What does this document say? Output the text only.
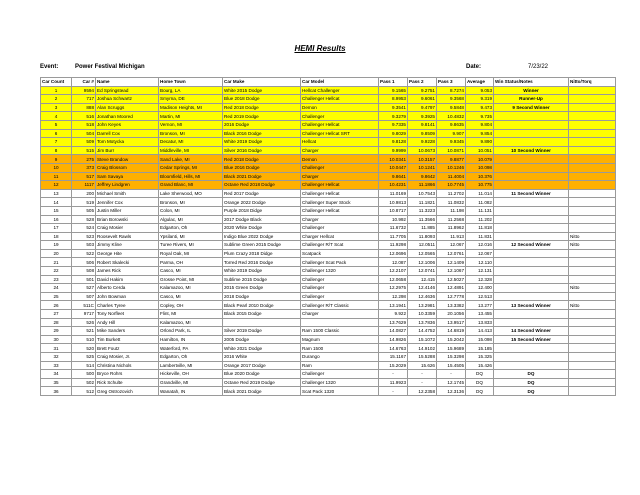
HEMI Results
Event:	Power Festival Michigan	Date:	7/23/22
Car Count	Car #	Name	Home Town	Car Make	Car Model	Pass 1	Pass 2	Pass 3	Average	Win Status/Notes	Nitto/Torq
1	9594	Ed Springstead	Bourg, LA	White 2015 Dodge	Hellcat Challenger	9.1565	9.2751	8.7274	9.053	Winner	
2	717	Joshua Schwartz	Smyrna, DE	Blue 2018 Dodge	Challenger Hellcat	8.9953	9.6061	9.3568	9.319	Runner-Up	
3	888	Alan Scruggs	Madison Heights, MI	Red 2018 Dodge	Demon	9.3541	9.4797	9.5848	9.473	9 Second Winner	
4	516	Jonathan Moored	Martin, MI	Red 2019 Dodge	Challenger	9.3279	9.3925	10.4832	9.735		
5	518	John Keyes	Vernon, MI	2016 Dodge	Challenger Hellcat	9.7335	9.8141	9.8635	9.804		
6	504	Darrell Cox	Bronson, MI	Black 2016 Dodge	Challenger Hellcat SRT	9.8029	9.8509	9.907	9.854		
7	509	Tom Motycka	Decatur, MI	White 2019 Dodge	Hellcat	9.8128	9.9228	9.9345	9.890		
8	515	Jim Burr	Middleville, MI	Silver 2016 Dodge	Charger	9.9999	10.0673	10.0871	10.051	10 Second Winner	
9	275	Steve Brandow	Sand Lake, MI	Red 2018 Dodge	Demon	10.0341	10.3157	9.8877	10.079		
10	373	Craig Blossom	Cedar Springs, MI	Blue 2016 Dodge	Challenger	10.0447	10.1241	10.1246	10.098		
11	517	Sam Savaya	Bloomfield, Hills, MI	Black 2021 Dodge	Charger	9.8641	9.8642	11.4004	10.376		
12	1117	Jeffrey Lindgren	Grand Blanc, MI	Octane Red 2018 Dodge	Challenger Hellcat	10.4231	11.1866	10.7745	10.775		
13	200	Michael Smith	Lake Sherwood, MO	Red 2017 Dodge	Challenger Hellcat	11.0169	10.7543	11.2702	11.014	11 Second Winner	
14	519	Jennifer Cox	Bronson, MI	Orange 2022 Dodge	Challenger Super Stock	10.9813	11.1821	11.0832	11.082		
15	505	Justin Miller	Colon, MI	Purple 2018 Didge	Challenger Hellcat	10.8717	11.3223	11.198	11.131		
16	528	Brian Borowski	Algulac, MI	2017 Dodge Black	Charger	10.992	11.3566	11.2568	11.202		
17	524	Craig Mosier	Edgarton, Oh	2020 White Dodge	Challenger	11.6732	11.885	11.8962	11.818		
18	523	Roosevelt Rawls	Ypsilanti, MI	Indigo Blue 2022 Dodge	Charger Hellcat	11.7705	11.8093	11.913	11.831		Nitto
19	503	Jimmy Kline	Turee Rivers, MI	Sublime Green 2015 Dodge	Challenger R/T Scat	11.9298	12.0511	12.067	12.016	12 Second Winner	Nitto
20	522	George Hite	Royal Oak, MI	Plum Crazy 2018 Didge	Scatpack	12.0696	12.0565	12.0761	12.067		
21	506	Robert Skalecki	Parma, OH	Torred Red 2016 Dodge	Challenger Scat Pack	12.087	12.1006	12.1409	12.110		
22	508	James Rick	Casco, MI	White 2019 Dodge	Challenger 1320	12.2107	12.0741	12.1067	12.131		
23	501	David Hakim	Grosse Point, MI	Sublime 2015 Dodge	Challenger	12.0658	12.415	12.5027	12.328		
24	527	Alberto Cerda	Kalamazoo, MI	2015 Green Dodge	Challenger	12.2975	12.4146	12.4891	12.400		Nitto
25	507	John Bowman	Casco, MI	2018 Dodge	Challenger	12.298	12.4636	12.7778	12.513		
26	511C	Charles Tyree	Copley, OH	Black Pearl 2010 Dodge	Challenger R/T Classic	13.1941	13.2981	13.3382	13.277	13 Second Winner	Nitto
27	9717	Tony Norfleet	Flint, MI	Black 2015 Dodge	Charger	9.922	10.3359	20.1056	13.455		
28	526	Andy Hill	Kalamazoo, MI			13.7629	13.7836	13.9517	13.833		
29	521	Mike Sanders	Orlond Park, IL	Silver 2019 Dodge	Ram 1500 Classic	14.0827	14.4752	14.6819	14.413	14 Second Winner	
30	510	Tim Burkett	Hamilton, IN	2005 Dodge	Magnum	14.9826	15.1072	15.2042	15.098	15 Second Winner	
31	520	Brett Foutz	Waterford, PA	White 2021 Dodge	Ram 1500	14.6763	14.9102	15.9689	15.185		
32	525	Craig Mosier, Jr.	Edgarton, Oh	2016 White	Durango	15.1167	15.5288	15.3298	15.325		
33	514	Christina Nichols	Lambertville, MI	Orange 2017 Dodge	Ram	15.2029	15.626	15.4505	15.426		
34	500	Bryce Rohrs	Hickeville, OH	Blue 2020 Dodge	Challenger	-	-	-	DQ	DQ	
35	502	Rick Schulte	Grandville, MI	Octane Red 2019 Dodge	Challenger 1320	11.9923	-	12.1745	DQ	DQ	
36	512	Greg Ostrozovich	Wanatah, IN	Black 2021 Dodge	Scat Pack 1320	-	12.2358	12.3136	DQ	DQ	
